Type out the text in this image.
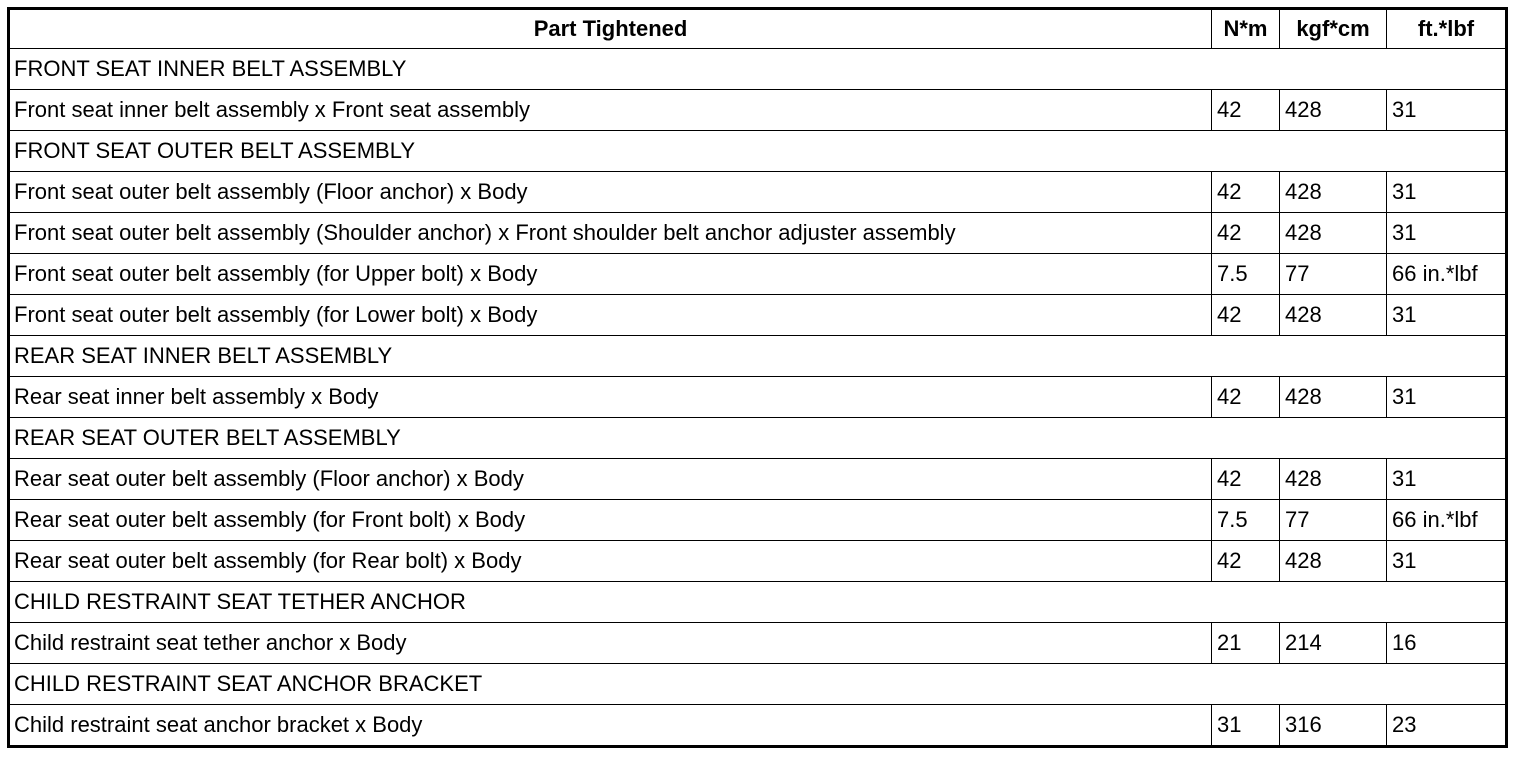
Part Tightened	N*m	kgf*cm	ft.*lbf
FRONT SEAT INNER BELT ASSEMBLY			
Front seat inner belt assembly x Front seat assembly	42	428	31
FRONT SEAT OUTER BELT ASSEMBLY			
Front seat outer belt assembly (Floor anchor) x Body	42	428	31
Front seat outer belt assembly (Shoulder anchor) x Front shoulder belt anchor adjuster assembly	42	428	31
Front seat outer belt assembly (for Upper bolt) x Body	7.5	77	66 in.*lbf
Front seat outer belt assembly (for Lower bolt) x Body	42	428	31
REAR SEAT INNER BELT ASSEMBLY			
Rear seat inner belt assembly x Body	42	428	31
REAR SEAT OUTER BELT ASSEMBLY			
Rear seat outer belt assembly (Floor anchor) x Body	42	428	31
Rear seat outer belt assembly (for Front bolt) x Body	7.5	77	66 in.*lbf
Rear seat outer belt assembly (for Rear bolt) x Body	42	428	31
CHILD RESTRAINT SEAT TETHER ANCHOR			
Child restraint seat tether anchor x Body	21	214	16
CHILD RESTRAINT SEAT ANCHOR BRACKET			
Child restraint seat anchor bracket x Body	31	316	23
